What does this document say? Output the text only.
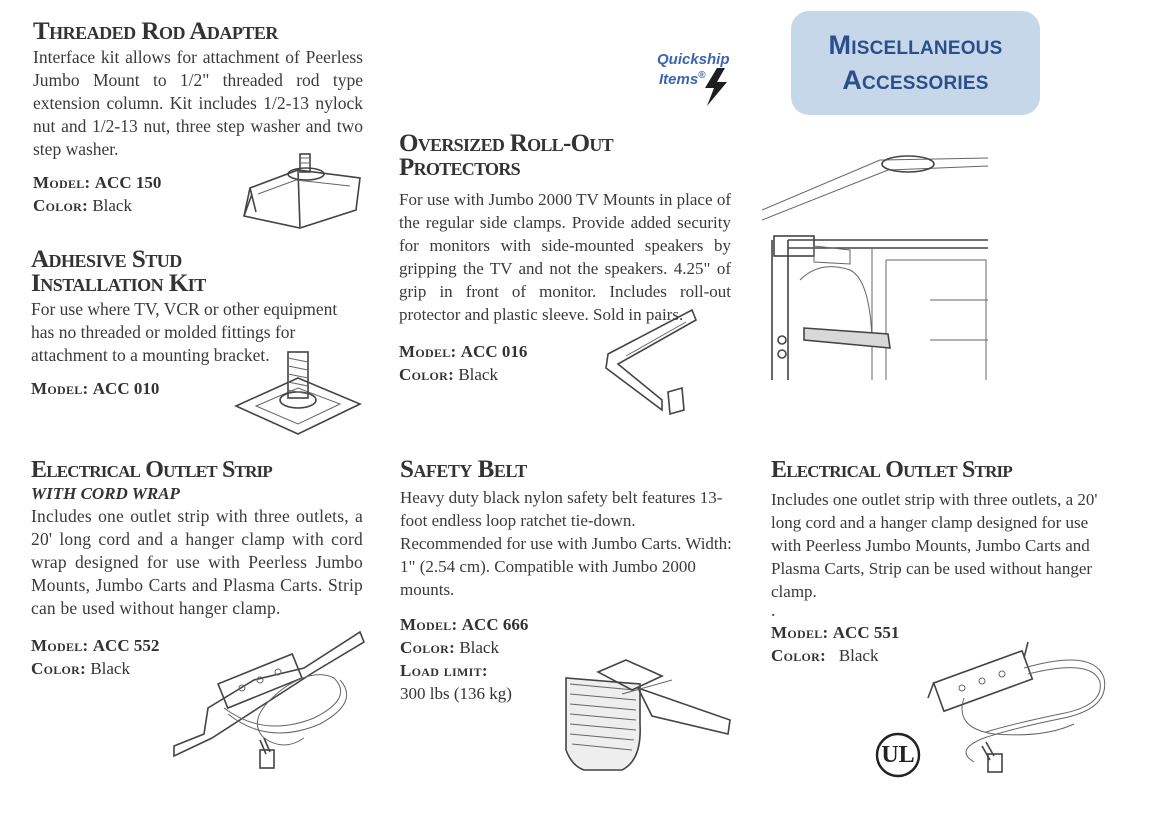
Miscellaneous
Accessories
Quickship
Items®
Threaded Rod Adapter

Interface kit allows for attachment of Peerless Jumbo Mount to 1/2" threaded rod type extension column. Kit includes 1/2-13 nylock nut and 1/2-13 nut, three step washer and two step washer.

Model: ACC 150
Color: Black
Adhesive Stud
Installation Kit

For use where TV, VCR or other equipment has no threaded or molded fittings for attachment to a mounting bracket.

Model: ACC 010
Oversized Roll-Out Protectors

For use with Jumbo 2000 TV Mounts in place of the regular side clamps. Provide added security for monitors with side-mounted speakers by gripping the TV and not the speakers. 4.25" of grip in front of monitor. Includes roll-out protector and plastic sleeve. Sold in pairs.

Model: ACC 016
Color: Black
Electrical Outlet Strip

WITH CORD WRAP

Includes one outlet strip with three outlets, a 20' long cord and a hanger clamp with cord wrap designed for use with Peerless Jumbo Mounts, Jumbo Carts and Plasma Carts. Strip can be used without hanger clamp.

Model: ACC 552
Color: Black
Safety Belt

Heavy duty black nylon safety belt features 13-foot endless loop ratchet tie-down. Recommended for use with Jumbo Carts. Width: 1" (2.54 cm). Compatible with Jumbo 2000 mounts.

Model: ACC 666
Color: Black
Load limit:
300 lbs (136 kg)
Electrical Outlet Strip

Includes one outlet strip with three outlets, a 20' long cord and a hanger clamp designed for use with Peerless Jumbo Mounts, Jumbo Carts and Plasma Carts, Strip can be used without hanger clamp.

.
Model: ACC 551
Color: Black
UL
